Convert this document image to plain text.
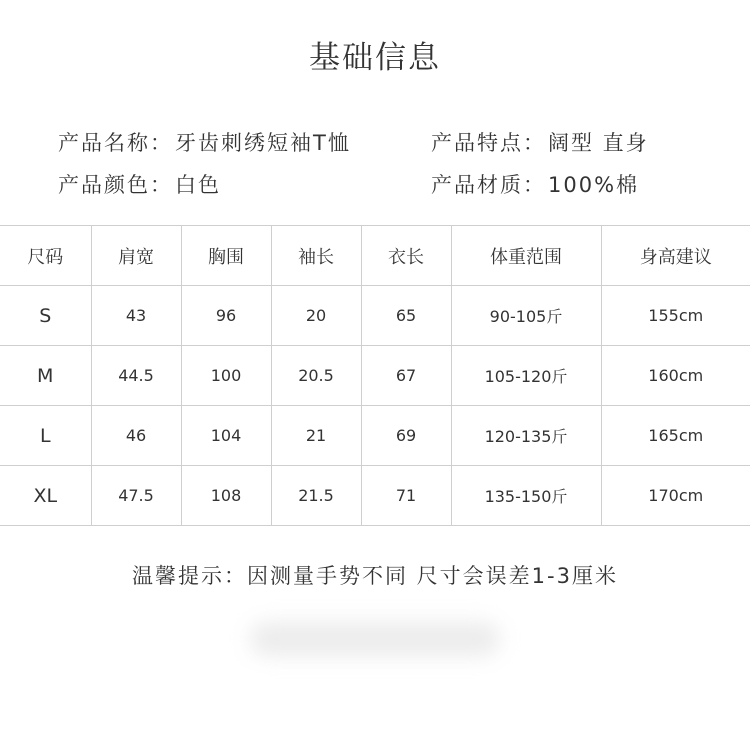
基础信息
产品名称：牙齿刺绣短袖T恤	产品特点：阔型 直身
产品颜色：白色	产品材质：100%棉
尺码	肩宽	胸围	袖长	衣长	体重范围	身高建议
S	43	96	20	65	90-105斤	155cm
M	44.5	100	20.5	67	105-120斤	160cm
L	46	104	21	69	120-135斤	165cm
XL	47.5	108	21.5	71	135-150斤	170cm
温馨提示：因测量手势不同 尺寸会误差1-3厘米
